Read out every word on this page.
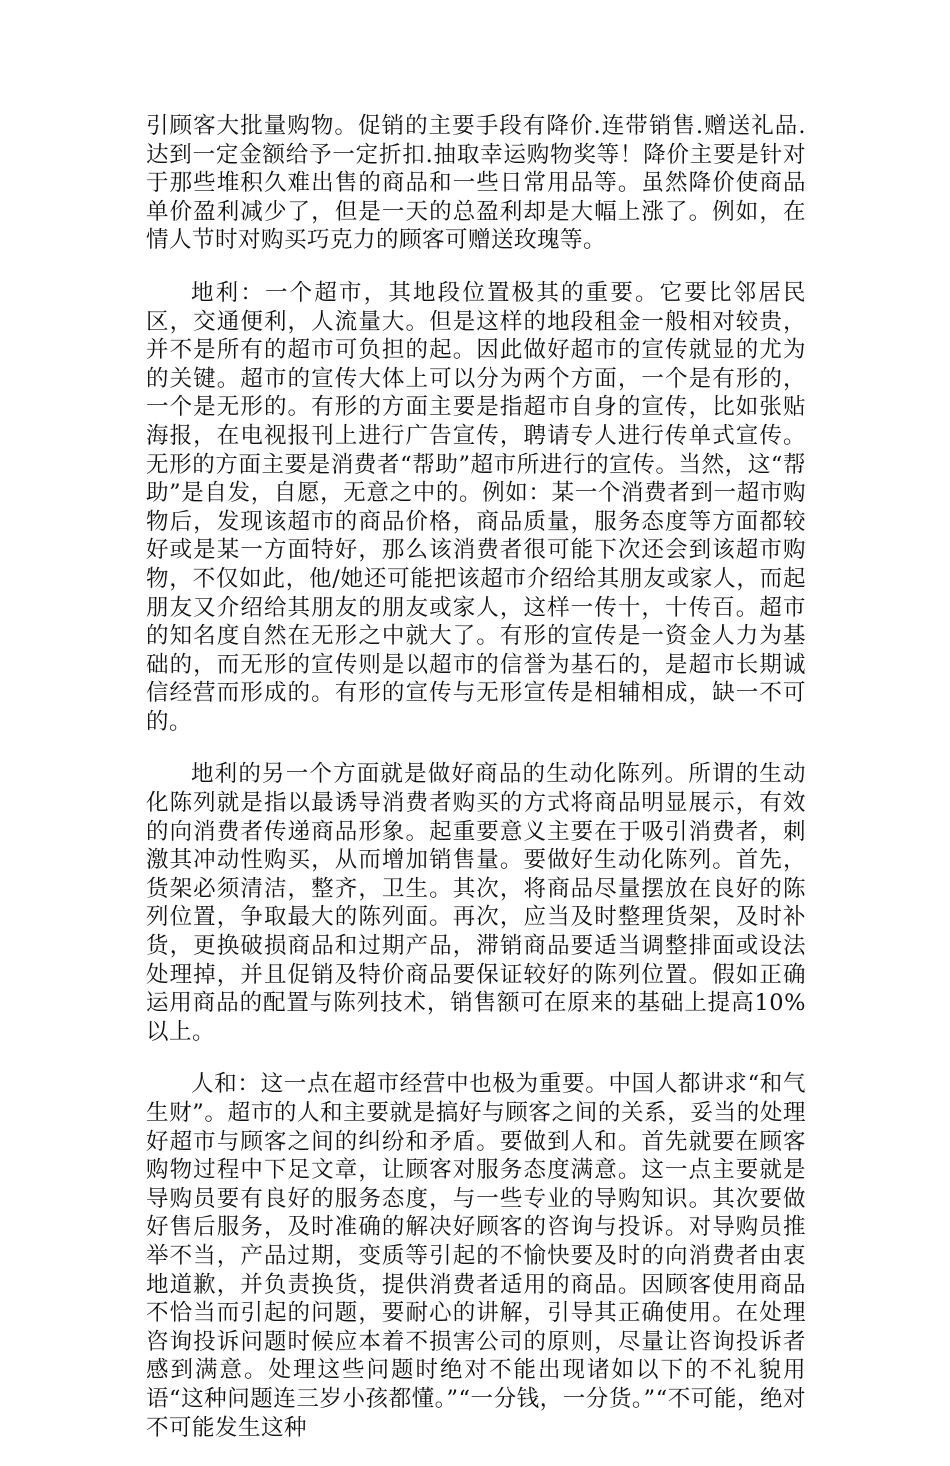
引顾客大批量购物。促销的主要手段有降价.连带销售.赠送礼品.达到一定金额给予一定折扣.抽取幸运购物奖等！降价主要是针对于那些堆积久难出售的商品和一些日常用品等。虽然降价使商品单价盈利减少了，但是一天的总盈利却是大幅上涨了。例如，在情人节时对购买巧克力的顾客可赠送玫瑰等。

地利：一个超市，其地段位置极其的重要。它要比邻居民区，交通便利，人流量大。但是这样的地段租金一般相对较贵，并不是所有的超市可负担的起。因此做好超市的宣传就显的尤为的关键。超市的宣传大体上可以分为两个方面，一个是有形的，一个是无形的。有形的方面主要是指超市自身的宣传，比如张贴海报，在电视报刊上进行广告宣传，聘请专人进行传单式宣传。无形的方面主要是消费者“帮助”超市所进行的宣传。当然，这“帮助”是自发，自愿，无意之中的。例如：某一个消费者到一超市购物后，发现该超市的商品价格，商品质量，服务态度等方面都较好或是某一方面特好，那么该消费者很可能下次还会到该超市购物，不仅如此，他/她还可能把该超市介绍给其朋友或家人，而起朋友又介绍给其朋友的朋友或家人，这样一传十，十传百。超市的知名度自然在无形之中就大了。有形的宣传是一资金人力为基础的，而无形的宣传则是以超市的信誉为基石的，是超市长期诚信经营而形成的。有形的宣传与无形宣传是相辅相成，缺一不可的。

地利的另一个方面就是做好商品的生动化陈列。所谓的生动化陈列就是指以最诱导消费者购买的方式将商品明显展示，有效的向消费者传递商品形象。起重要意义主要在于吸引消费者，刺激其冲动性购买，从而增加销售量。要做好生动化陈列。首先，货架必须清洁，整齐，卫生。其次，将商品尽量摆放在良好的陈列位置，争取最大的陈列面。再次，应当及时整理货架，及时补货，更换破损商品和过期产品，滞销商品要适当调整排面或设法处理掉，并且促销及特价商品要保证较好的陈列位置。假如正确运用商品的配置与陈列技术，销售额可在原来的基础上提高10%以上。

人和：这一点在超市经营中也极为重要。中国人都讲求“和气生财”。超市的人和主要就是搞好与顾客之间的关系，妥当的处理好超市与顾客之间的纠纷和矛盾。要做到人和。首先就要在顾客购物过程中下足文章，让顾客对服务态度满意。这一点主要就是导购员要有良好的服务态度，与一些专业的导购知识。其次要做好售后服务，及时准确的解决好顾客的咨询与投诉。对导购员推举不当，产品过期，变质等引起的不愉快要及时的向消费者由衷地道歉，并负责换货，提供消费者适用的商品。因顾客使用商品不恰当而引起的问题，要耐心的讲解，引导其正确使用。在处理咨询投诉问题时候应本着不损害公司的原则，尽量让咨询投诉者感到满意。处理这些问题时绝对不能出现诸如以下的不礼貌用语“这种问题连三岁小孩都懂。”“一分钱，一分货。”“不可能，绝对不可能发生这种
